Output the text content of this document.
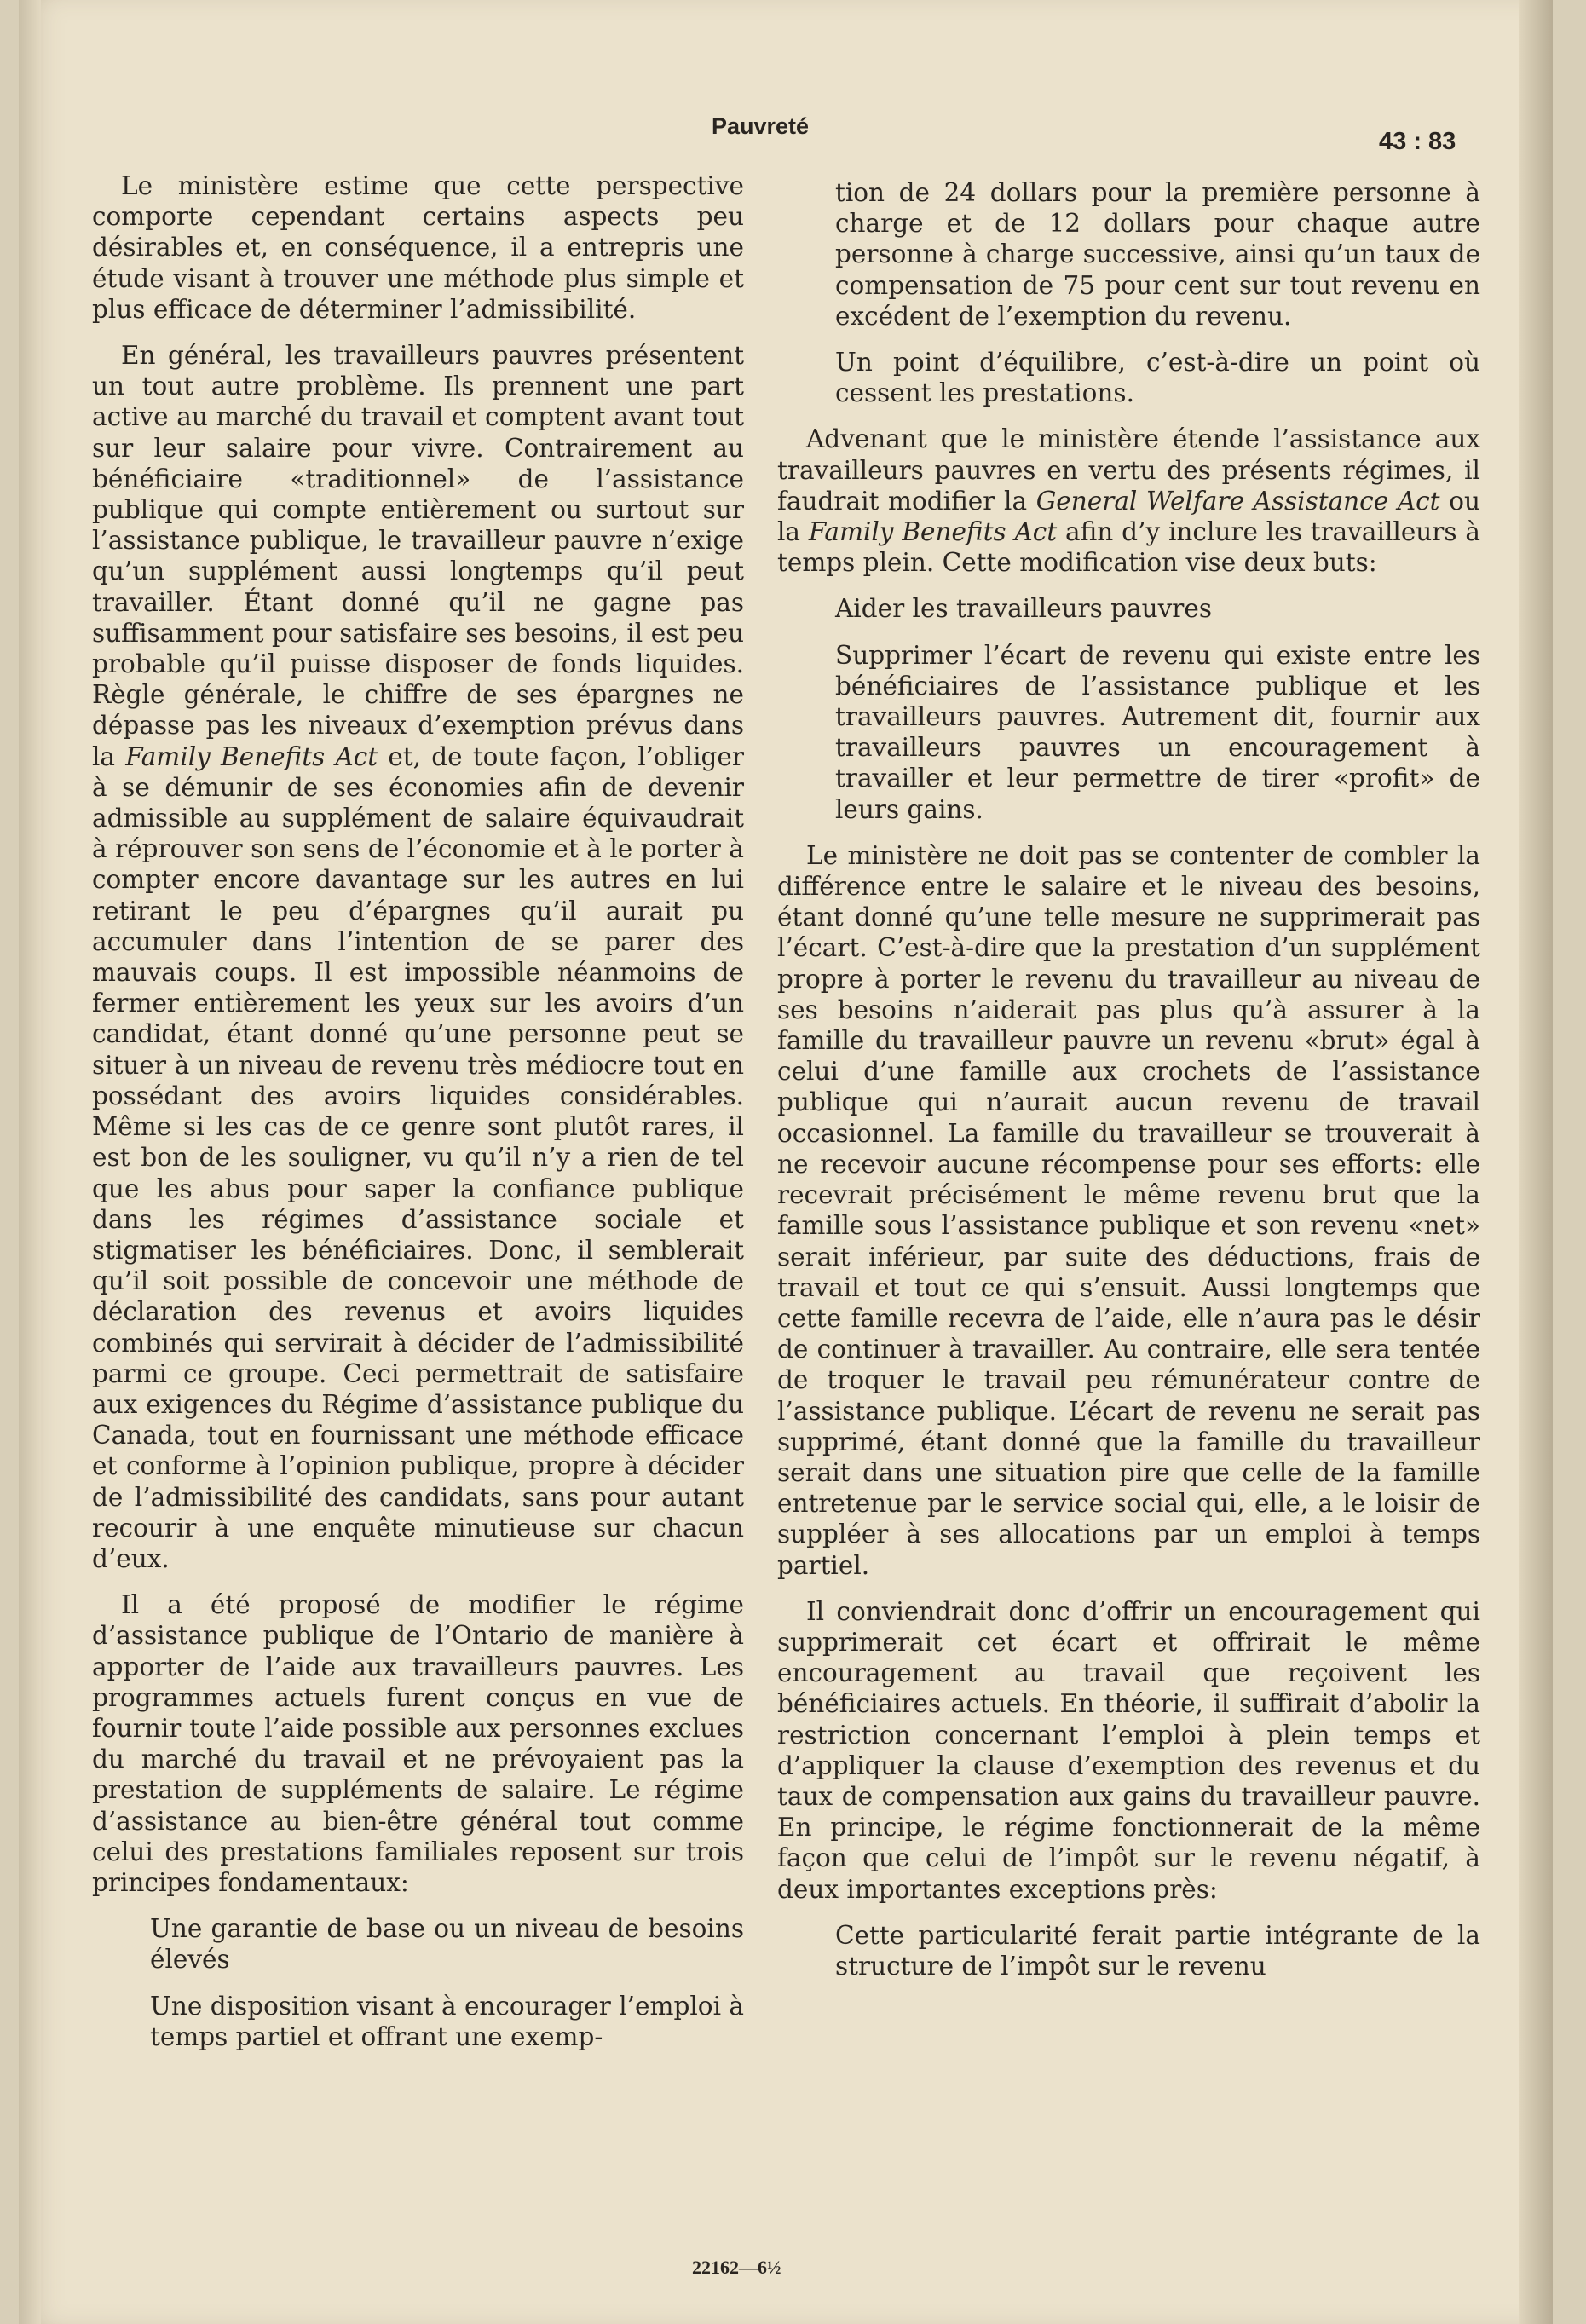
Pauvreté
43 : 83

Le ministère estime que cette perspective comporte cependant certains aspects peu désirables et, en conséquence, il a entrepris une étude visant à trouver une méthode plus simple et plus efficace de déterminer l’admissibilité.

En général, les travailleurs pauvres présentent un tout autre problème. Ils prennent une part active au marché du travail et comptent avant tout sur leur salaire pour vivre. Contrairement au bénéficiaire «traditionnel» de l’assistance publique qui compte entièrement ou surtout sur l’assistance publique, le travailleur pauvre n’exige qu’un supplément aussi longtemps qu’il peut travailler. Étant donné qu’il ne gagne pas suffisamment pour satisfaire ses besoins, il est peu probable qu’il puisse disposer de fonds liquides. Règle générale, le chiffre de ses épargnes ne dépasse pas les niveaux d’exemption prévus dans la Family Benefits Act et, de toute façon, l’obliger à se démunir de ses économies afin de devenir admissible au supplément de salaire équivaudrait à réprouver son sens de l’économie et à le porter à compter encore davantage sur les autres en lui retirant le peu d’épargnes qu’il aurait pu accumuler dans l’intention de se parer des mauvais coups. Il est impossible néanmoins de fermer entièrement les yeux sur les avoirs d’un candidat, étant donné qu’une personne peut se situer à un niveau de revenu très médiocre tout en possédant des avoirs liquides considérables. Même si les cas de ce genre sont plutôt rares, il est bon de les souligner, vu qu’il n’y a rien de tel que les abus pour saper la confiance publique dans les régimes d’assistance sociale et stigmatiser les bénéficiaires. Donc, il semblerait qu’il soit possible de concevoir une méthode de déclaration des revenus et avoirs liquides combinés qui servirait à décider de l’admissibilité parmi ce groupe. Ceci permettrait de satisfaire aux exigences du Régime d’assistance publique du Canada, tout en fournissant une méthode efficace et conforme à l’opinion publique, propre à décider de l’admissibilité des candidats, sans pour autant recourir à une enquête minutieuse sur chacun d’eux.

Il a été proposé de modifier le régime d’assistance publique de l’Ontario de manière à apporter de l’aide aux travailleurs pauvres. Les programmes actuels furent conçus en vue de fournir toute l’aide possible aux personnes exclues du marché du travail et ne prévoyaient pas la prestation de suppléments de salaire. Le régime d’assistance au bien-être général tout comme celui des prestations familiales reposent sur trois principes fondamentaux:

Une garantie de base ou un niveau de besoins élevés

Une disposition visant à encourager l’emploi à temps partiel et offrant une exemp-

tion de 24 dollars pour la première personne à charge et de 12 dollars pour chaque autre personne à charge successive, ainsi qu’un taux de compensation de 75 pour cent sur tout revenu en excédent de l’exemption du revenu.

Un point d’équilibre, c’est-à-dire un point où cessent les prestations.

Advenant que le ministère étende l’assistance aux travailleurs pauvres en vertu des présents régimes, il faudrait modifier la General Welfare Assistance Act ou la Family Benefits Act afin d’y inclure les travailleurs à temps plein. Cette modification vise deux buts:

Aider les travailleurs pauvres

Supprimer l’écart de revenu qui existe entre les bénéficiaires de l’assistance publique et les travailleurs pauvres. Autrement dit, fournir aux travailleurs pauvres un encouragement à travailler et leur permettre de tirer «profit» de leurs gains.

Le ministère ne doit pas se contenter de combler la différence entre le salaire et le niveau des besoins, étant donné qu’une telle mesure ne supprimerait pas l’écart. C’est-à-dire que la prestation d’un supplément propre à porter le revenu du travailleur au niveau de ses besoins n’aiderait pas plus qu’à assurer à la famille du travailleur pauvre un revenu «brut» égal à celui d’une famille aux crochets de l’assistance publique qui n’aurait aucun revenu de travail occasionnel. La famille du travailleur se trouverait à ne recevoir aucune récompense pour ses efforts: elle recevrait précisément le même revenu brut que la famille sous l’assistance publique et son revenu «net» serait inférieur, par suite des déductions, frais de travail et tout ce qui s’ensuit. Aussi longtemps que cette famille recevra de l’aide, elle n’aura pas le désir de continuer à travailler. Au contraire, elle sera tentée de troquer le travail peu rémunérateur contre de l’assistance publique. L’écart de revenu ne serait pas supprimé, étant donné que la famille du travailleur serait dans une situation pire que celle de la famille entretenue par le service social qui, elle, a le loisir de suppléer à ses allocations par un emploi à temps partiel.

Il conviendrait donc d’offrir un encouragement qui supprimerait cet écart et offrirait le même encouragement au travail que reçoivent les bénéficiaires actuels. En théorie, il suffirait d’abolir la restriction concernant l’emploi à plein temps et d’appliquer la clause d’exemption des revenus et du taux de compensation aux gains du travailleur pauvre. En principe, le régime fonctionnerait de la même façon que celui de l’impôt sur le revenu négatif, à deux importantes exceptions près:

Cette particularité ferait partie intégrante de la structure de l’impôt sur le revenu

22162—6½
